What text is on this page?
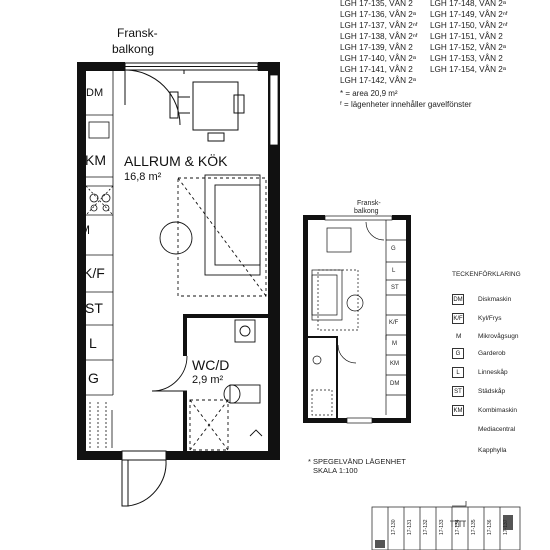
LGH 17-135, VÅN 2
LGH 17-136, VÅN 2ᵃ
LGH 17-137, VÅN 2ⁿᶠ
LGH 17-138, VÅN 2ⁿᶠ
LGH 17-139, VÅN 2
LGH 17-140, VÅN 2ᵃ
LGH 17-141, VÅN 2
LGH 17-142, VÅN 2ᵃ
LGH 17-148, VÅN 2ᵃ
LGH 17-149, VÅN 2ⁿᶠ
LGH 17-150, VÅN 2ⁿᶠ
LGH 17-151, VÅN 2
LGH 17-152, VÅN 2ᵃ
LGH 17-153, VÅN 2
LGH 17-154, VÅN 2ᵃ
* = area 20,9 m²
ᶠ = lägenheter innehåller gavelfönster
Fransk-
balkong
ALLRUM & KÖK
16,8 m²
WC/D
2,9 m²
DM
KM
M
K/F
ST
L
G
Fransk-
balkong
G
L
ST
K/F
M
KM
DM
* SPEGELVÄND LÄGENHET
SKALA 1:100
TECKENFÖRKLARING
DM Diskmaskin
K/F Kyl/Frys
M	Mikrovågsugn
G	Garderob
L	Linneskåp
ST	Städskåp
KM Kombimaskin
Mediacentral
Kapphylla
17-130 17-131 17-132 17-133 17-134 17-135 17-136 17-137
